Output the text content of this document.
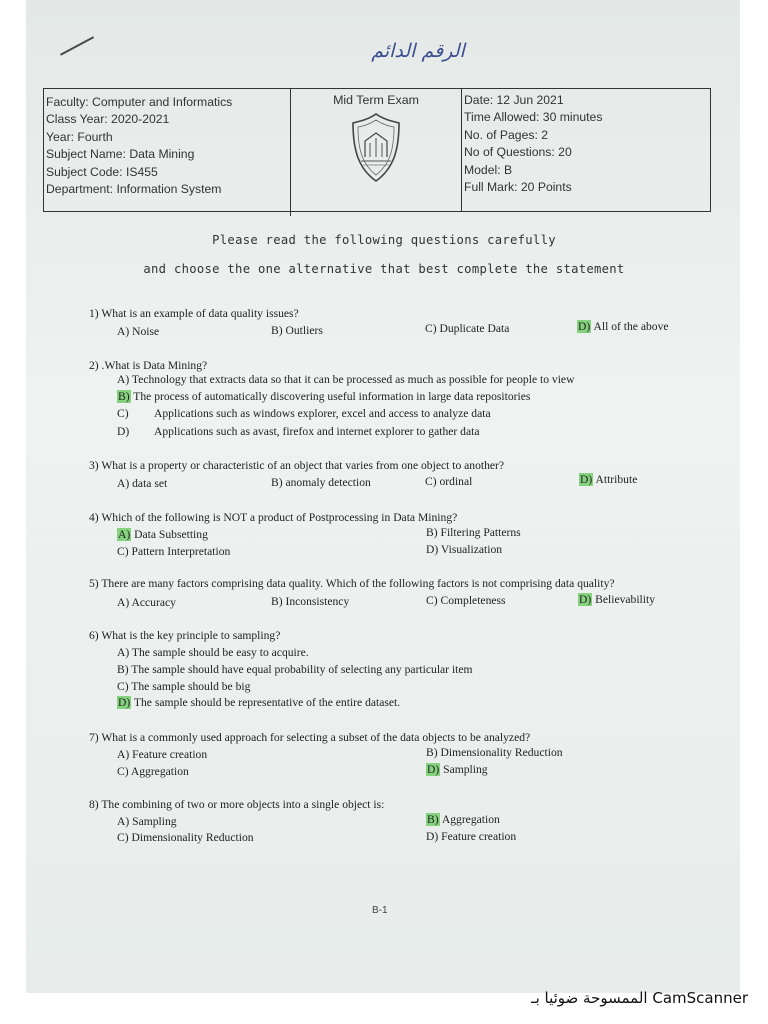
الرقم الدائم
Faculty: Computer and Informatics
Class Year: 2020-2021
Year: Fourth
Subject Name: Data Mining
Subject Code: IS455
Department: Information System
Mid Term Exam	Date: 12 Jun 2021
Time Allowed: 30 minutes
No. of Pages: 2
No of Questions: 20
Model: B
Full Mark: 20 Points
Please read the following questions carefully
and choose the one alternative that best complete the statement
1) What is an example of data quality issues?
A) Noise	B) Outliers	C) Duplicate Data	D) All of the above
2) .What is Data Mining?
A) Technology that extracts data so that it can be processed as much as possible for people to view
B) The process of automatically discovering useful information in large data repositories
C) Applications such as windows explorer, excel and access to analyze data
D) Applications such as avast, firefox and internet explorer to gather data
3) What is a property or characteristic of an object that varies from one object to another?
A) data set	B) anomaly detection	C) ordinal	D) Attribute
4) Which of the following is NOT a product of Postprocessing in Data Mining?
A) Data Subsetting	B) Filtering Patterns
C) Pattern Interpretation	D) Visualization
5) There are many factors comprising data quality. Which of the following factors is not comprising data quality?
A) Accuracy	B) Inconsistency	C) Completeness	D) Believability
6) What is the key principle to sampling?
A) The sample should be easy to acquire.
B) The sample should have equal probability of selecting any particular item
C) The sample should be big
D) The sample should be representative of the entire dataset.
7) What is a commonly used approach for selecting a subset of the data objects to be analyzed?
A) Feature creation	B) Dimensionality Reduction
C) Aggregation	D) Sampling
8) The combining of two or more objects into a single object is:
A) Sampling	B) Aggregation
C) Dimensionality Reduction	D) Feature creation
B-1
CamScanner الممسوحة ضوئيا بـ
